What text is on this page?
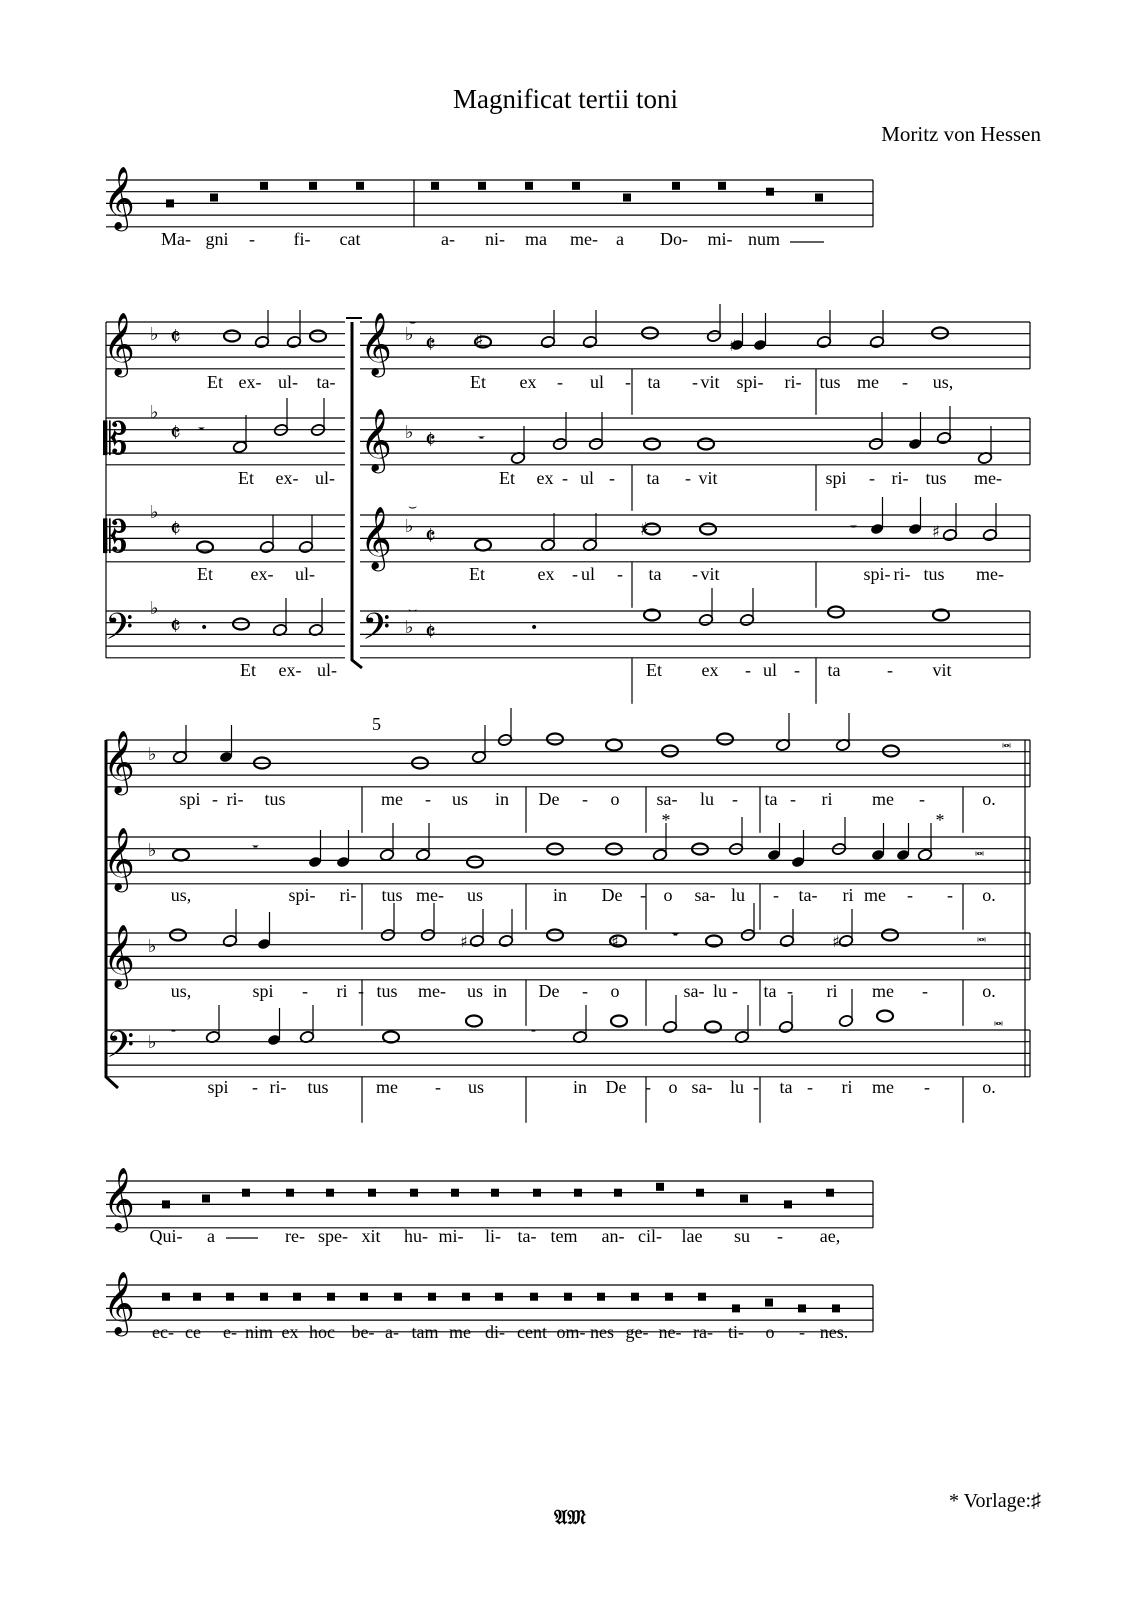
Magnificat tertii toni
Moritz von Hessen
𝄞
𝄞
𝄡
𝄡
𝄢
𝄞
𝄞
𝄞
𝄢
♭
♭
♭
♭
♭
♭
♭
♭
𝄵
𝄵
𝄵
𝄵
𝄵
𝄵
𝄵
𝄵
𝄻
•
♯	♯
𝄻
𝄻
♯	♯
•
⌣
⌣
⌣
𝄞
𝄞
𝄞
𝄢
♭
♭
♭
♭
𝅜
𝄻	𝅜
𝄻	𝅜
♯	♯	♯
𝄻	𝄻
𝅜
𝄞
𝄞
Ma- gni - fi- cat	a- ni- ma me- a Do- mi- num
Et ex- ul- ta-
Et ex- ul-
Et ex- ul-
Et ex- ul-
Et ex - ul - ta - vit spi- ri- tus me - us,
Et ex - ul - ta - vit	spi - ri- tus me-
Et	ex - ul - ta - vit	spi- ri- tus me-
Et ex - ul - ta	- vit
spi - ri- tus	me - us in De - o sa- lu - ta - ri me -	o.
us,	spi- ri- tus me- us	in De - o sa- lu - ta- ri me - - o.
us,	spi - ri - tus me- us in De - o	sa- lu - ta - ri me -	o.
spi - ri- tus	me - us	in De - o sa- lu - ta - ri me -	o.
*	*
Qui- a	re- spe- xit hu- mi- li- ta- tem an- cil- lae su - ae,
ec- ce e- nim ex hoc be- a- tam me di- cent om- nes ge- ne- ra- ti- o - nes.
5
* Vorlage:♯
𝔄𝔐
